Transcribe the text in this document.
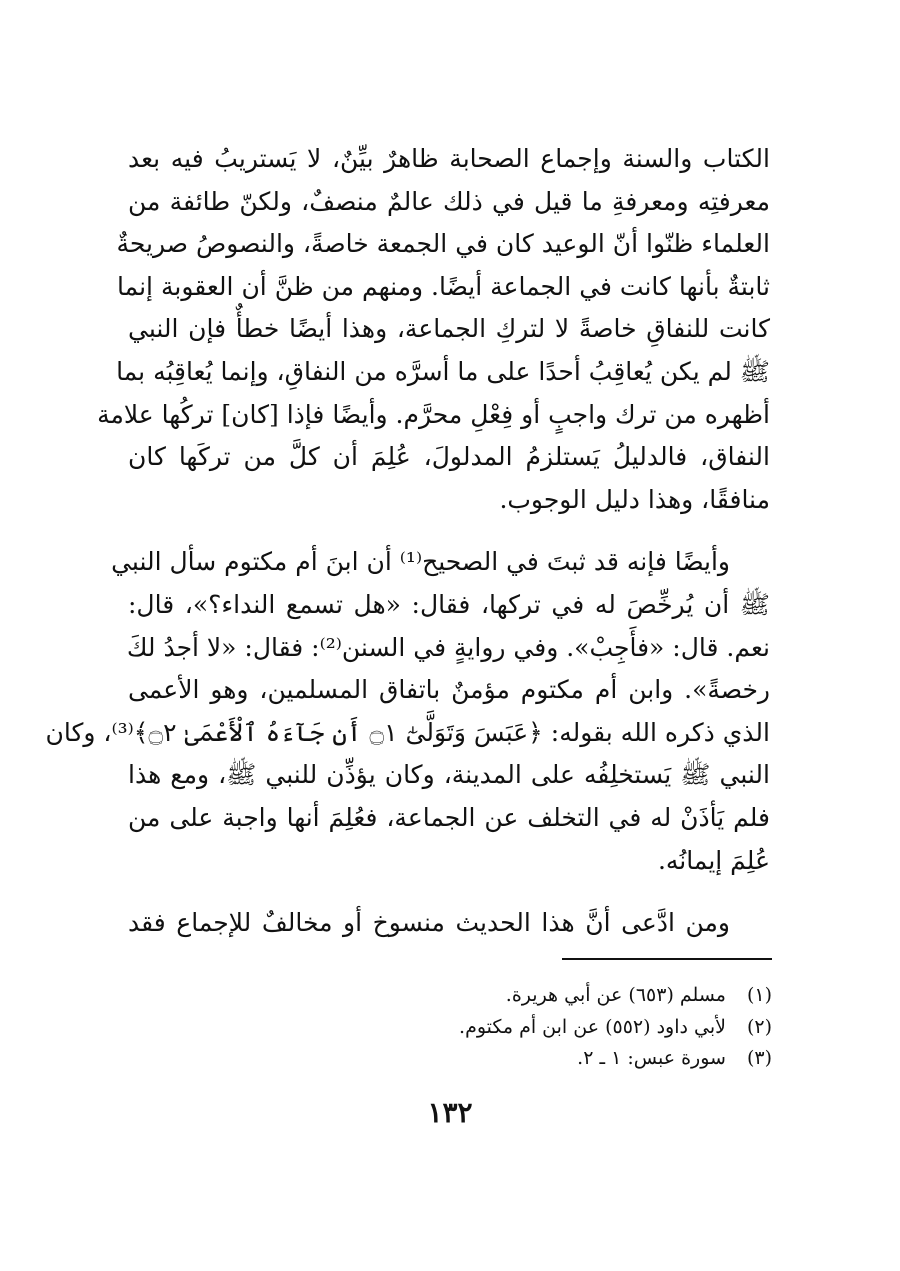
الكتاب والسنة وإجماع الصحابة ظاهرٌ بيِّنٌ، لا يَستريبُ فيه بعد
معرفتِه ومعرفةِ ما قيل في ذلك عالمٌ منصفٌ، ولكنّ طائفة من
العلماء ظنّوا أنّ الوعيد كان في الجمعة خاصةً، والنصوصُ صريحةٌ
ثابتةٌ بأنها كانت في الجماعة أيضًا. ومنهم من ظنَّ أن العقوبة إنما
كانت للنفاقِ خاصةً لا لتركِ الجماعة، وهذا أيضًا خطأٌ فإن النبي
ﷺ لم يكن يُعاقِبُ أحدًا على ما أسرَّه من النفاقِ، وإنما يُعاقِبُه بما
أظهره من ترك واجبٍ أو فِعْلِ محرَّم. وأيضًا فإذا [كان] تركُها علامة
النفاق، فالدليلُ يَستلزمُ المدلولَ، عُلِمَ أن كلَّ من تركَها كان
منافقًا، وهذا دليل الوجوب.
وأيضًا فإنه قد ثبتَ في الصحيح⁽¹⁾ أن ابنَ أم مكتوم سأل النبي
ﷺ أن يُرخِّصَ له في تركها، فقال: «هل تسمع النداء؟»، قال:
نعم. قال: «فأَجِبْ». وفي روايةٍ في السنن⁽²⁾: فقال: «لا أجدُ لكَ
رخصةً». وابن أم مكتوم مؤمنٌ باتفاق المسلمين، وهو الأعمى
الذي ذكره الله بقوله: ﴿عَبَسَ وَتَوَلَّىٰٓ ۝١ أَن جَآءَهُ ٱلْأَعْمَىٰ ۝٢﴾⁽³⁾، وكان
النبي ﷺ يَستخلِفُه على المدينة، وكان يؤذِّن للنبي ﷺ، ومع هذا
فلم يَأذَنْ له في التخلف عن الجماعة، فعُلِمَ أنها واجبة على من
عُلِمَ إيمانُه.
ومن ادَّعى أنَّ هذا الحديث منسوخ أو مخالفٌ للإجماع فقد
(١) مسلم (٦٥٣) عن أبي هريرة.
(٢) لأبي داود (٥٥٢) عن ابن أم مكتوم.
(٣) سورة عبس: ١ ـ ٢.
١٣٢
